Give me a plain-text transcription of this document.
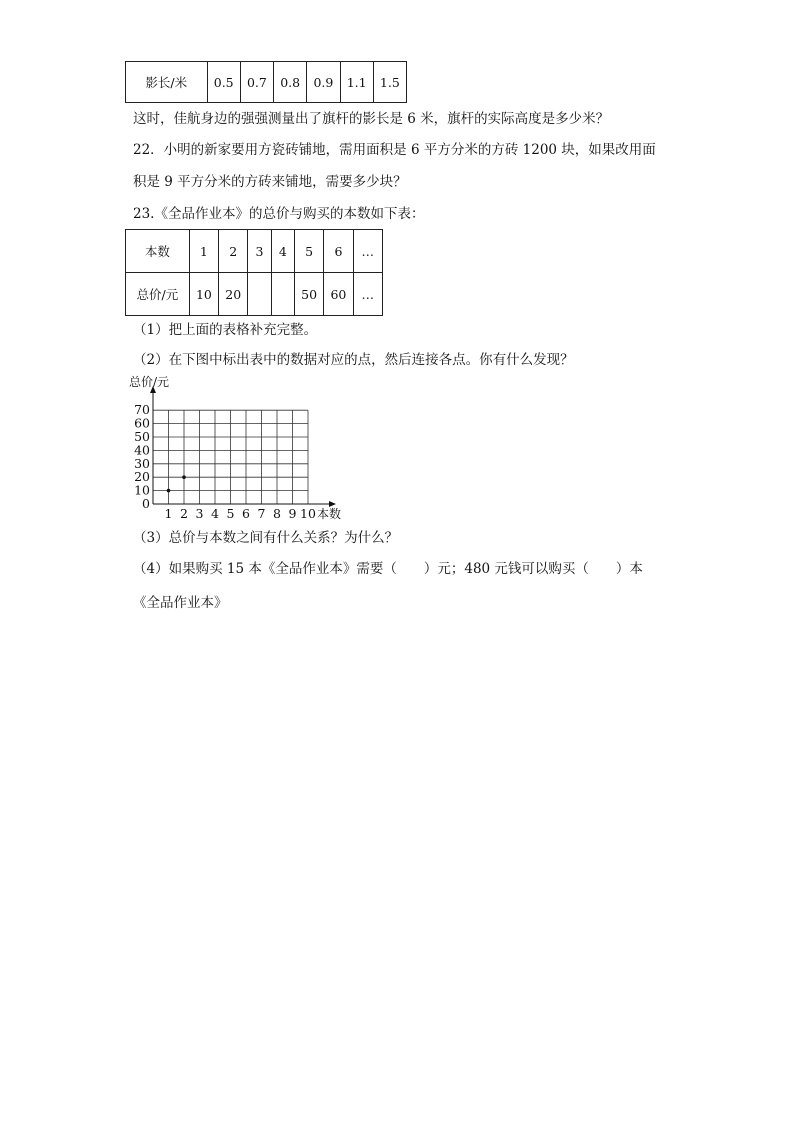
影长/米	0.5	0.7	0.8	0.9	1.1	1.5
这时，佳航身边的强强测量出了旗杆的影长是 6 米，旗杆的实际高度是多少米？
22．小明的新家要用方瓷砖铺地，需用面积是 6 平方分米的方砖 1200 块，如果改用面
积是 9 平方分米的方砖来铺地，需要多少块？
23.《全品作业本》的总价与购买的本数如下表：
本数	1	2	3	4	5	6	…
总价/元	10	20			50	60	…
（1）把上面的表格补充完整。
（2）在下图中标出表中的数据对应的点，然后连接各点。你有什么发现？
1 2 3 4 5 6 7 8 9 10
0
10
20
30
40
50
60
70
总价/元
本数
（3）总价与本数之间有什么关系？为什么？
（4）如果购买 15 本《全品作业本》需要（　　）元；480 元钱可以购买（　　）本
《全品作业本》
